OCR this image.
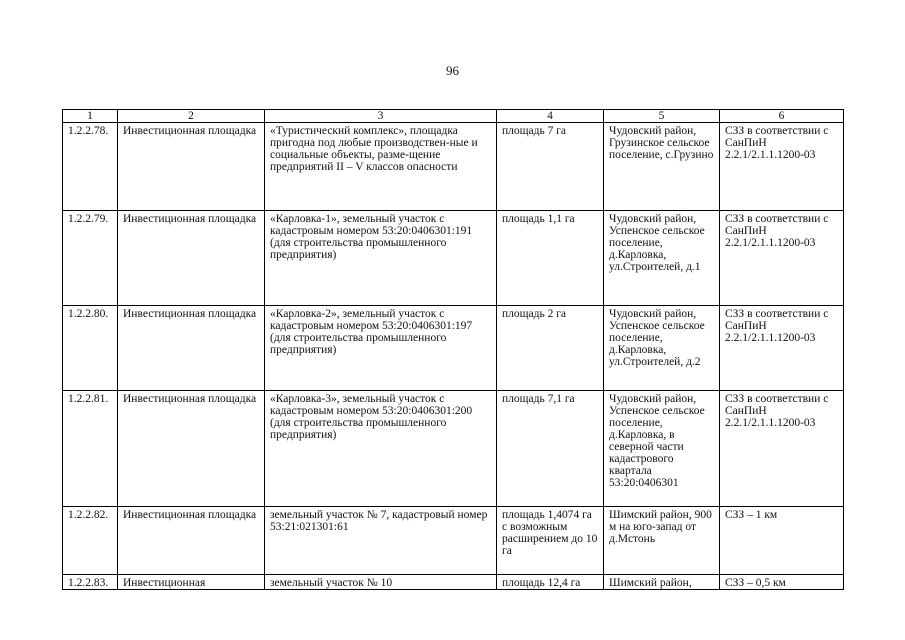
96
1	2	3	4	5	6
1.2.2.78.	Инвестиционная площадка	«Туристический комплекс», площадка пригодна под любые производствен-ные и социальные объекты, разме-щение предприятий II – V классов опасности	площадь 7 га	Чудовский район, Грузинское сельское поселение, с.Грузино	СЗЗ в соответствии с СанПиН 2.2.1/2.1.1.1200-03
1.2.2.79.	Инвестиционная площадка	«Карловка-1», земельный участок с кадастровым номером 53:20:0406301:191 (для строительства промышленного предприятия)	площадь 1,1 га	Чудовский район, Успенское сельское поселение, д.Карловка, ул.Строителей, д.1	СЗЗ в соответствии с СанПиН 2.2.1/2.1.1.1200-03
1.2.2.80.	Инвестиционная площадка	«Карловка-2», земельный участок с кадастровым номером 53:20:0406301:197 (для строительства промышленного предприятия)	площадь 2 га	Чудовский район, Успенское сельское поселение, д.Карловка, ул.Строителей, д.2	СЗЗ в соответствии с СанПиН 2.2.1/2.1.1.1200-03
1.2.2.81.	Инвестиционная площадка	«Карловка-3», земельный участок с кадастровым номером 53:20:0406301:200 (для строительства промышленного предприятия)	площадь 7,1 га	Чудовский район, Успенское сельское поселение, д.Карловка, в северной части кадастрового квартала 53:20:0406301	СЗЗ в соответствии с СанПиН 2.2.1/2.1.1.1200-03
1.2.2.82.	Инвестиционная площадка	земельный участок № 7, кадастровый номер 53:21:021301:61	площадь 1,4074 га с возможным расширением до 10 га	Шимский район, 900 м на юго-запад от д.Мстонь	СЗЗ – 1 км
1.2.2.83.	Инвестиционная	земельный участок № 10	площадь 12,4 га	Шимский район,	СЗЗ – 0,5 км
